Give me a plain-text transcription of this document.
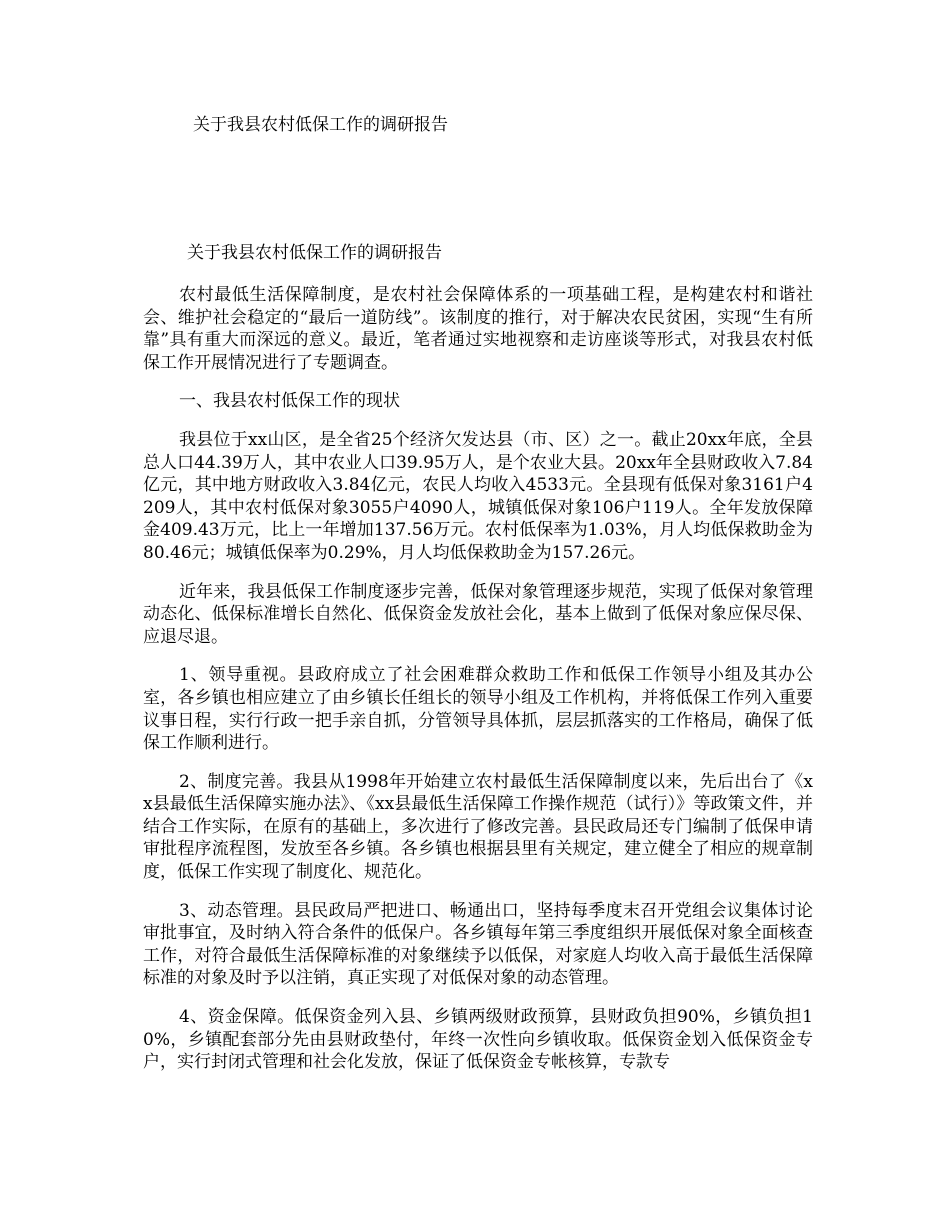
关于我县农村低保工作的调研报告
关于我县农村低保工作的调研报告

农村最低生活保障制度，是农村社会保障体系的一项基础工程，是构建农村和谐社会、维护社会稳定的“最后一道防线”。该制度的推行，对于解决农民贫困，实现“生有所靠”具有重大而深远的意义。最近，笔者通过实地视察和走访座谈等形式，对我县农村低保工作开展情况进行了专题调查。

一、我县农村低保工作的现状

我县位于xx山区，是全省25个经济欠发达县（市、区）之一。截止20xx年底，全县总人口44.39万人，其中农业人口39.95万人，是个农业大县。20xx年全县财政收入7.84亿元，其中地方财政收入3.84亿元，农民人均收入4533元。全县现有低保对象3161户4209人，其中农村低保对象3055户4090人，城镇低保对象106户119人。全年发放保障金409.43万元，比上一年增加137.56万元。农村低保率为1.03%，月人均低保救助金为80.46元；城镇低保率为0.29%，月人均低保救助金为157.26元。

近年来，我县低保工作制度逐步完善，低保对象管理逐步规范，实现了低保对象管理动态化、低保标准增长自然化、低保资金发放社会化，基本上做到了低保对象应保尽保、应退尽退。

1、领导重视。县政府成立了社会困难群众救助工作和低保工作领导小组及其办公室，各乡镇也相应建立了由乡镇长任组长的领导小组及工作机构，并将低保工作列入重要议事日程，实行行政一把手亲自抓，分管领导具体抓，层层抓落实的工作格局，确保了低保工作顺利进行。

2、制度完善。我县从1998年开始建立农村最低生活保障制度以来，先后出台了《xx县最低生活保障实施办法》、《xx县最低生活保障工作操作规范（试行）》等政策文件，并结合工作实际，在原有的基础上，多次进行了修改完善。县民政局还专门编制了低保申请审批程序流程图，发放至各乡镇。各乡镇也根据县里有关规定，建立健全了相应的规章制度，低保工作实现了制度化、规范化。

3、动态管理。县民政局严把进口、畅通出口，坚持每季度末召开党组会议集体讨论审批事宜，及时纳入符合条件的低保户。各乡镇每年第三季度组织开展低保对象全面核查工作，对符合最低生活保障标准的对象继续予以低保，对家庭人均收入高于最低生活保障标准的对象及时予以注销，真正实现了对低保对象的动态管理。

4、资金保障。低保资金列入县、乡镇两级财政预算，县财政负担90%，乡镇负担10%，乡镇配套部分先由县财政垫付，年终一次性向乡镇收取。低保资金划入低保资金专户，实行封闭式管理和社会化发放，保证了低保资金专帐核算，专款专
